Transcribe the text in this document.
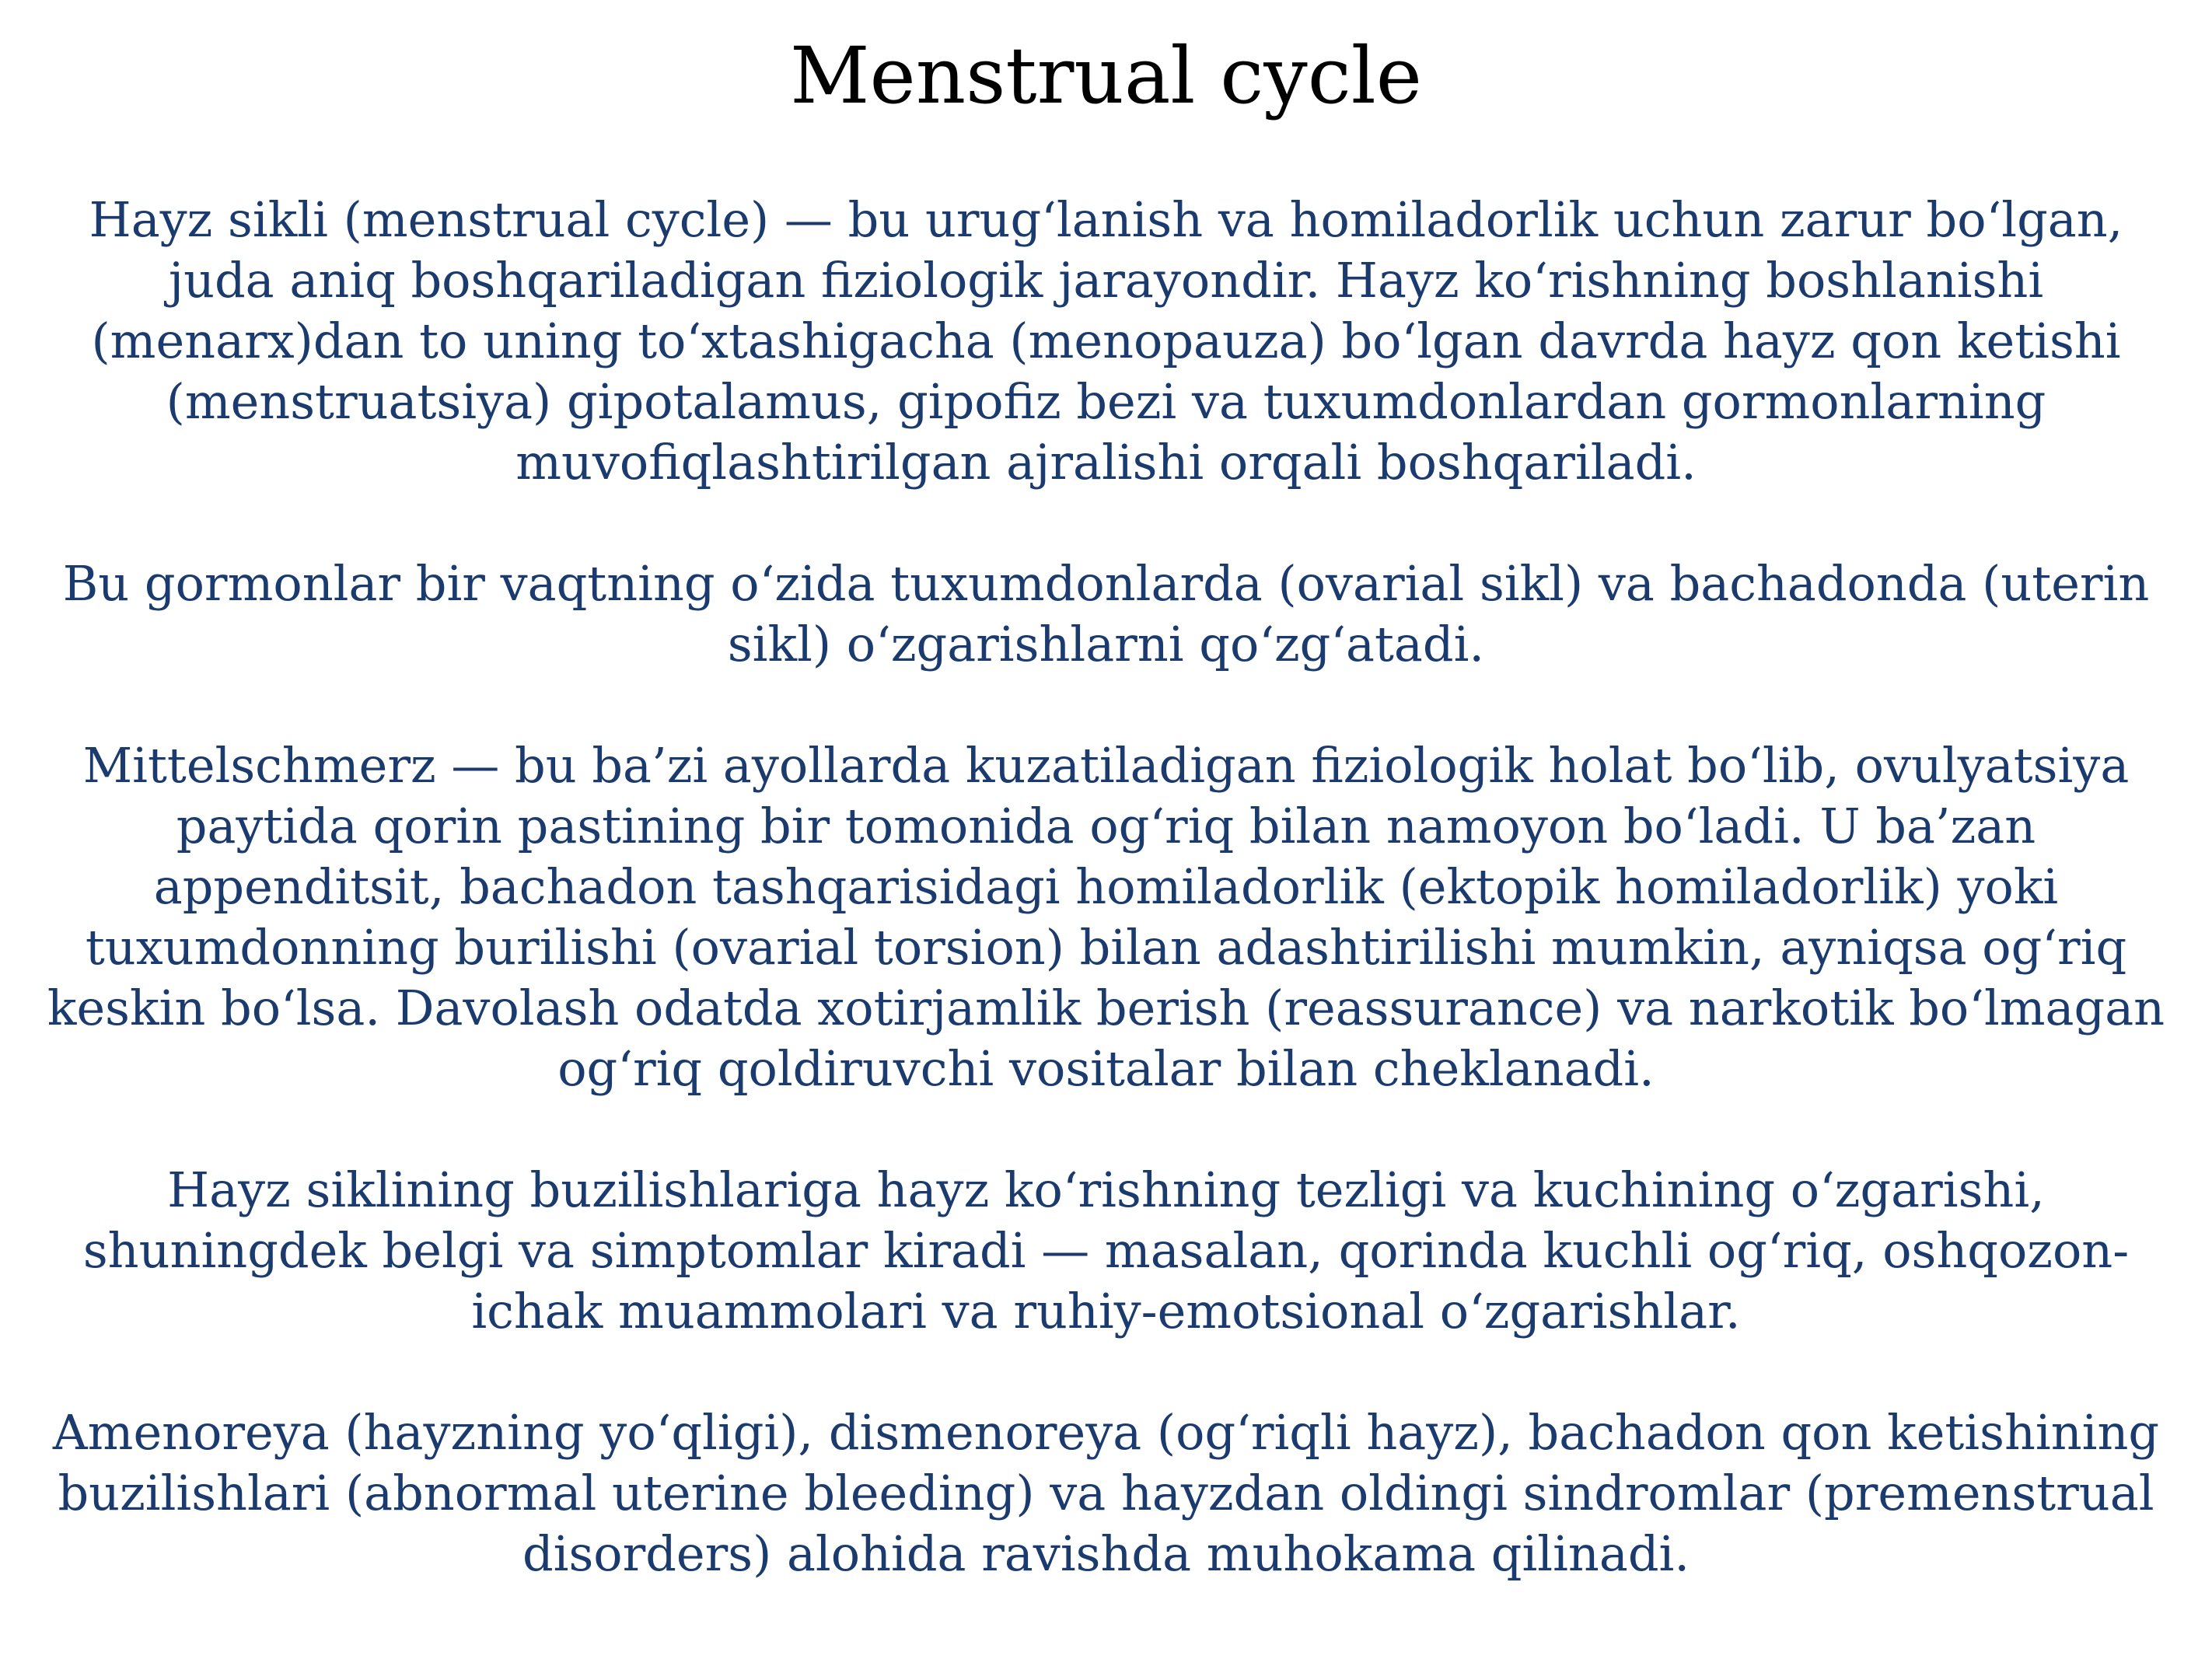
Menstrual cycle

Hayz sikli (menstrual cycle) — bu urug‘lanish va homiladorlik uchun zarur bo‘lgan, juda aniq boshqariladigan fiziologik jarayondir. Hayz ko‘rishning boshlanishi (menarx)dan to uning to‘xtashigacha (menopauza) bo‘lgan davrda hayz qon ketishi (menstruatsiya) gipotalamus, gipofiz bezi va tuxumdonlardan gormonlarning muvofiqlashtirilgan ajralishi orqali boshqariladi.

Bu gormonlar bir vaqtning o‘zida tuxumdonlarda (ovarial sikl) va bachadonda (uterin sikl) o‘zgarishlarni qo‘zg‘atadi.

Mittelschmerz — bu ba’zi ayollarda kuzatiladigan fiziologik holat bo‘lib, ovulyatsiya paytida qorin pastining bir tomonida og‘riq bilan namoyon bo‘ladi. U ba’zan appenditsit, bachadon tashqarisidagi homiladorlik (ektopik homiladorlik) yoki tuxumdonning burilishi (ovarial torsion) bilan adashtirilishi mumkin, ayniqsa og‘riq keskin bo‘lsa. Davolash odatda xotirjamlik berish (reassurance) va narkotik bo‘lmagan og‘riq qoldiruvchi vositalar bilan cheklanadi.

Hayz siklining buzilishlariga hayz ko‘rishning tezligi va kuchining o‘zgarishi, shuningdek belgi va simptomlar kiradi — masalan, qorinda kuchli og‘riq, oshqozon-ichak muammolari va ruhiy-emotsional o‘zgarishlar.

Amenoreya (hayzning yo‘qligi), dismenoreya (og‘riqli hayz), bachadon qon ketishining buzilishlari (abnormal uterine bleeding) va hayzdan oldingi sindromlar (premenstrual disorders) alohida ravishda muhokama qilinadi.
